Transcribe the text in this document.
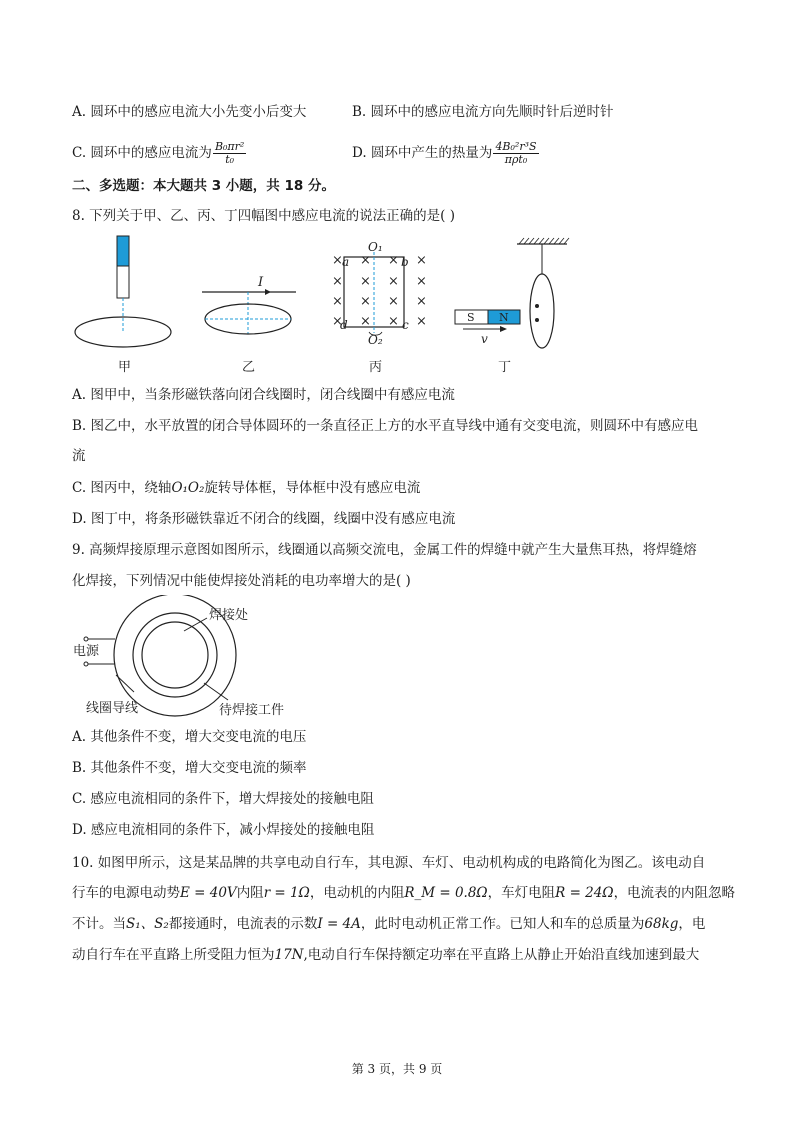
A. 圆环中的感应电流大小先变小后变大	B. 圆环中的感应电流方向先顺时针后逆时针
C. 圆环中的感应电流为 $\frac{\text{B₀πr²}}{\text{t₀}}$	D. 圆环中产生的热量为 $\frac{\text{4B₀²r³S}}{\text{πρt₀}}$
二、多选题：本大题共 3 小题，共 18 分。
8. 下列关于甲、乙、丙、丁四幅图中感应电流的说法正确的是( )
I
×
×
×
×
×
×
×
×
×
×
×
×
×
×
×
×
O₁
O₂
a	b
c
d
S N
v
甲	乙	丙	丁
A. 图甲中，当条形磁铁落向闭合线圈时，闭合线圈中有感应电流
B. 图乙中，水平放置的闭合导体圆环的一条直径正上方的水平直导线中通有交变电流，则圆环中有感应电
流
C. 图丙中，绕轴O₁O₂旋转导体框，导体框中没有感应电流
D. 图丁中，将条形磁铁靠近不闭合的线圈，线圈中没有感应电流
9. 高频焊接原理示意图如图所示，线圈通以高频交流电，金属工件的焊缝中就产生大量焦耳热，将焊缝熔
化焊接，下列情况中能使焊接处消耗的电功率增大的是( )
焊接处
电源
线圈导线	待焊接工件
A. 其他条件不变，增大交变电流的电压
B. 其他条件不变，增大交变电流的频率
C. 感应电流相同的条件下，增大焊接处的接触电阻
D. 感应电流相同的条件下，减小焊接处的接触电阻
10. 如图甲所示，这是某品牌的共享电动自行车，其电源、车灯、电动机构成的电路简化为图乙。该电动自
行车的电源电动势E = 40V内阻r = 1Ω，电动机的内阻R_M = 0.8Ω，车灯电阻R = 24Ω，电流表的内阻忽略
不计。当S₁、S₂都接通时，电流表的示数I = 4A，此时电动机正常工作。已知人和车的总质量为68kg，电
动自行车在平直路上所受阻力恒为17N,电动自行车保持额定功率在平直路上从静止开始沿直线加速到最大
第 3 页，共 9 页
